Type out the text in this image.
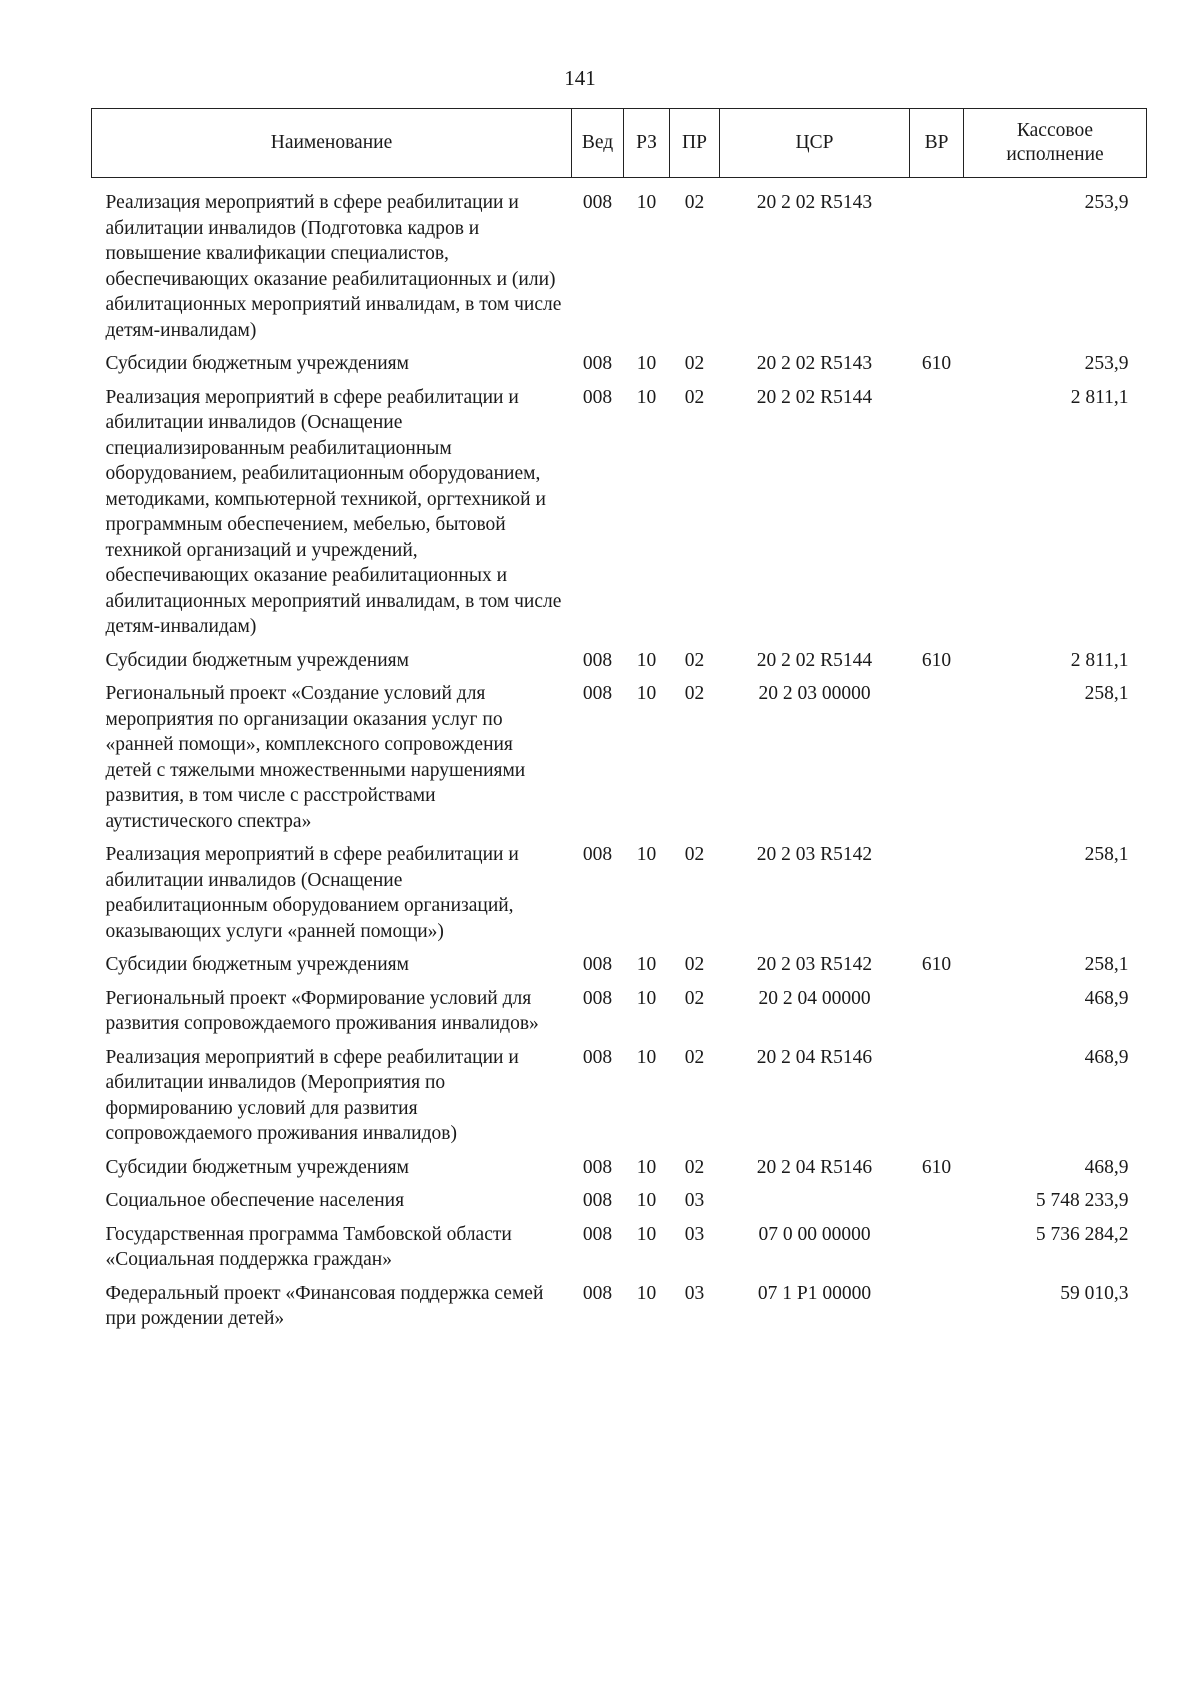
141
Наименование	Вед	РЗ	ПР	ЦСР	ВР	Кассовое исполнение
Реализация мероприятий в сфере реабилитации и абилитации инвалидов (Подготовка кадров и повышение квалификации специалистов, обеспечивающих оказание реабилитационных и (или) абилитационных мероприятий инвалидам, в том числе детям-инвалидам)	008	10	02	20 2 02 R5143		253,9
Субсидии бюджетным учреждениям	008	10	02	20 2 02 R5143	610	253,9
Реализация мероприятий в сфере реабилитации и абилитации инвалидов (Оснащение специализированным реабилитационным оборудованием, реабилитационным оборудованием, методиками, компьютерной техникой, оргтехникой и программным обеспечением, мебелью, бытовой техникой организаций и учреждений, обеспечивающих оказание реабилитационных и абилитационных мероприятий инвалидам, в том числе детям-инвалидам)	008	10	02	20 2 02 R5144		2 811,1
Субсидии бюджетным учреждениям	008	10	02	20 2 02 R5144	610	2 811,1
Региональный проект «Создание условий для мероприятия по организации оказания услуг по «ранней помощи», комплексного сопровождения детей с тяжелыми множественными нарушениями развития, в том числе с расстройствами аутистического спектра»	008	10	02	20 2 03 00000		258,1
Реализация мероприятий в сфере реабилитации и абилитации инвалидов (Оснащение реабилитационным оборудованием организаций, оказывающих услуги «ранней помощи»)	008	10	02	20 2 03 R5142		258,1
Субсидии бюджетным учреждениям	008	10	02	20 2 03 R5142	610	258,1
Региональный проект «Формирование условий для развития сопровождаемого проживания инвалидов»	008	10	02	20 2 04 00000		468,9
Реализация мероприятий в сфере реабилитации и абилитации инвалидов (Мероприятия по формированию условий для развития сопровождаемого проживания инвалидов)	008	10	02	20 2 04 R5146		468,9
Субсидии бюджетным учреждениям	008	10	02	20 2 04 R5146	610	468,9
Социальное обеспечение населения	008	10	03			5 748 233,9
Государственная программа Тамбовской области «Социальная поддержка граждан»	008	10	03	07 0 00 00000		5 736 284,2
Федеральный проект «Финансовая поддержка семей при рождении детей»	008	10	03	07 1 P1 00000		59 010,3
